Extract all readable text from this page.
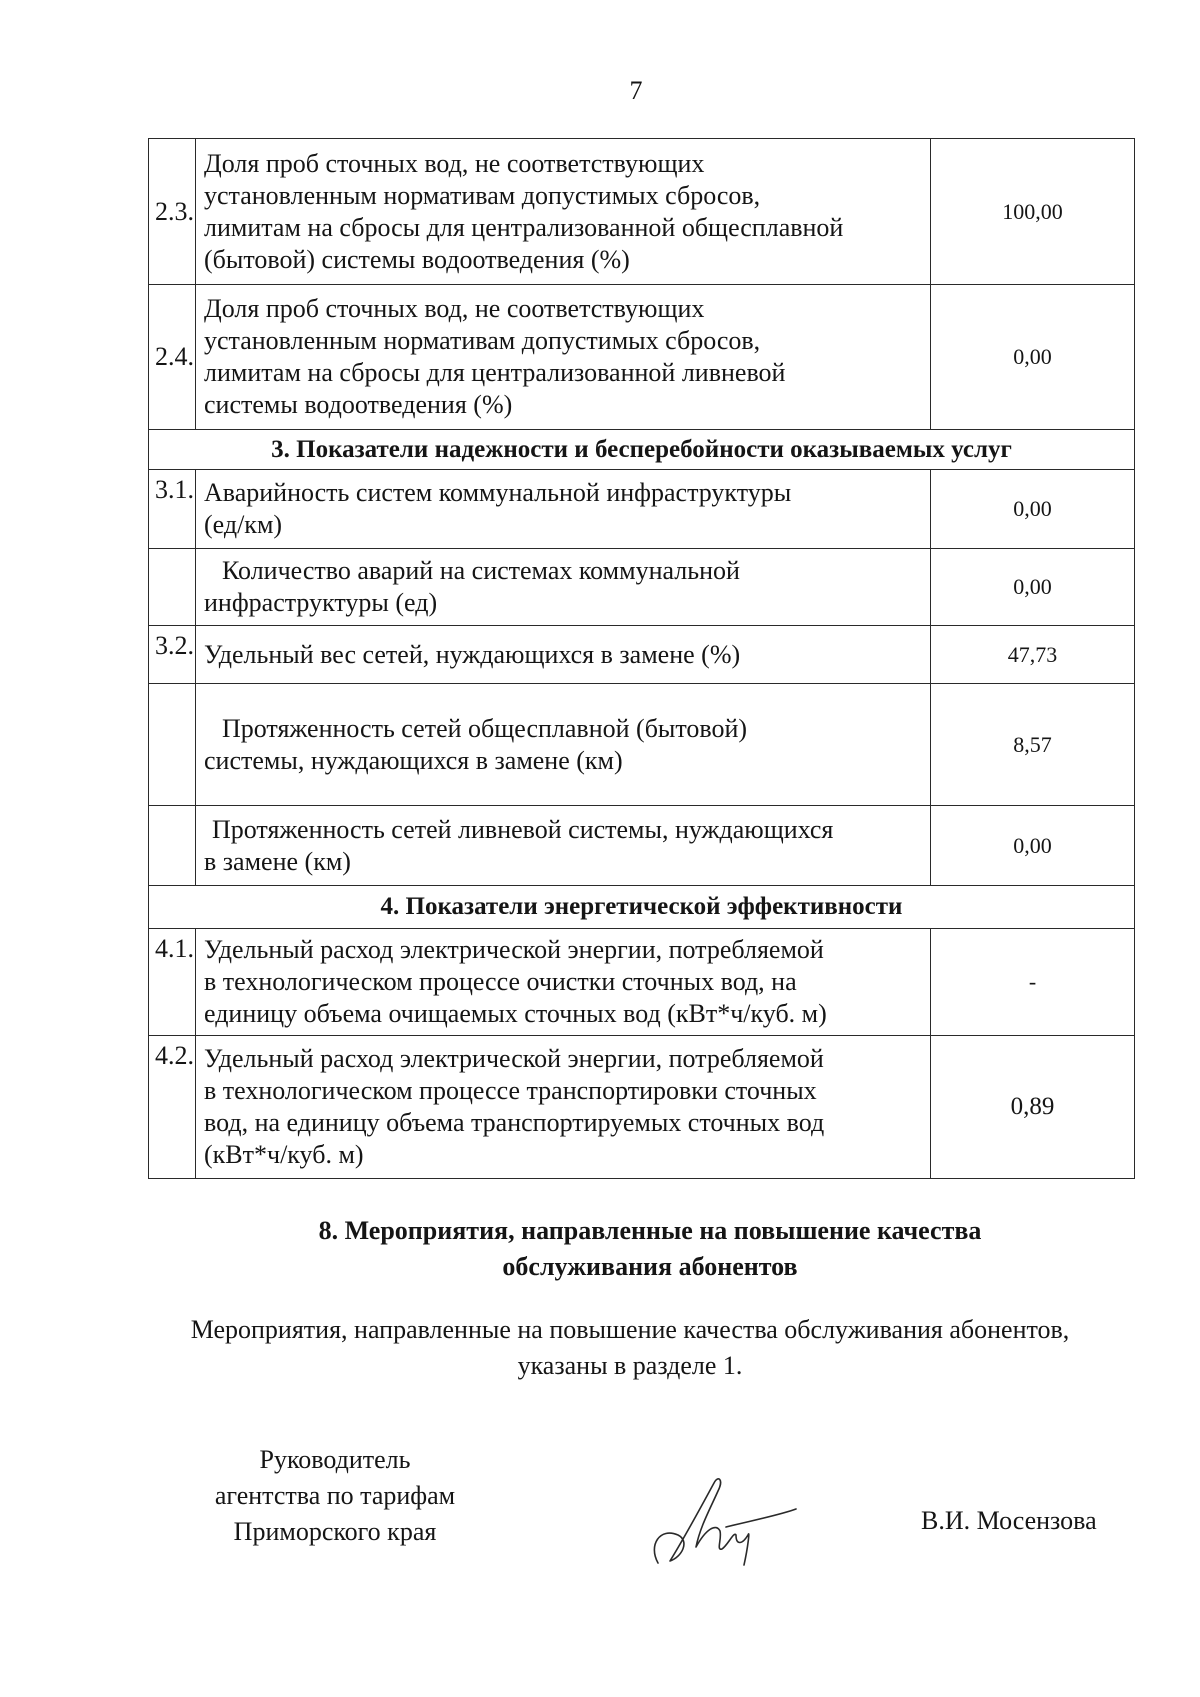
7
2.3.	Доля проб сточных вод, не соответствующих
установленным нормативам допустимых сбросов,
лимитам на сбросы для централизованной общесплавной
(бытовой) системы водоотведения (%)	100,00
2.4.	Доля проб сточных вод, не соответствующих
установленным нормативам допустимых сбросов,
лимитам на сбросы для централизованной ливневой
системы водоотведения (%)	0,00
3. Показатели надежности и бесперебойности оказываемых услуг		
3.1.	Аварийность систем коммунальной инфраструктуры
(ед/км)	0,00

	Количество аварий на системах коммунальной
инфраструктуры (ед)	0,00
3.2.	Удельный вес сетей, нуждающихся в замене (%)	47,73

	Протяженность сетей общесплавной (бытовой)
системы, нуждающихся в замене (км)	8,57

	Протяженность сетей ливневой системы, нуждающихся
в замене (км)	0,00
4. Показатели энергетической эффективности		
4.1.	Удельный расход электрической энергии, потребляемой
в технологическом процессе очистки сточных вод, на
единицу объема очищаемых сточных вод (кВт*ч/куб. м)	-
4.2.	Удельный расход электрической энергии, потребляемой
в технологическом процессе транспортировки сточных
вод, на единицу объема транспортируемых сточных вод
(кВт*ч/куб. м)	0,89
8. Мероприятия, направленные на повышение качества
обслуживания абонентов
Мероприятия, направленные на повышение качества обслуживания абонентов,
указаны в разделе 1.
Руководитель
агентства по тарифам
Приморского края	В.И. Мосензова
